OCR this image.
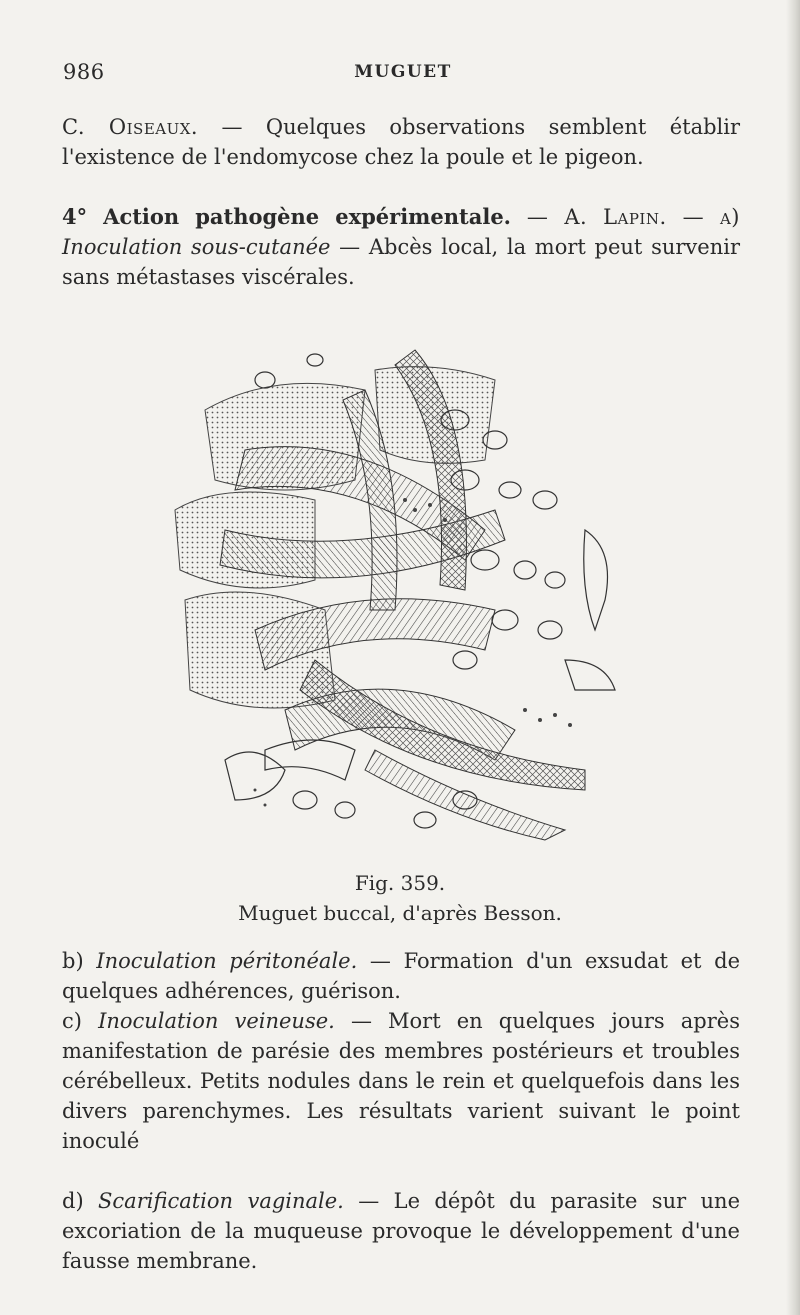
986	MUGUET

C. Oiseaux. — Quelques observations semblent établir l'existence de l'endomycose chez la poule et le pigeon.

4° Action pathogène expérimentale. — A. Lapin. — a) Inoculation sous-cutanée — Abcès local, la mort peut survenir sans métastases viscérales.

Fig. 359.
Muguet buccal, d'après Besson.

b) Inoculation péritonéale. — Formation d'un exsudat et de quelques adhérences, guérison.

c) Inoculation veineuse. — Mort en quelques jours après manifestation de parésie des membres postérieurs et troubles cérébelleux. Petits nodules dans le rein et quelquefois dans les divers parenchymes. Les résultats varient suivant le point inoculé

d) Scarification vaginale. — Le dépôt du parasite sur une excoriation de la muqueuse provoque le développement d'une fausse membrane.
